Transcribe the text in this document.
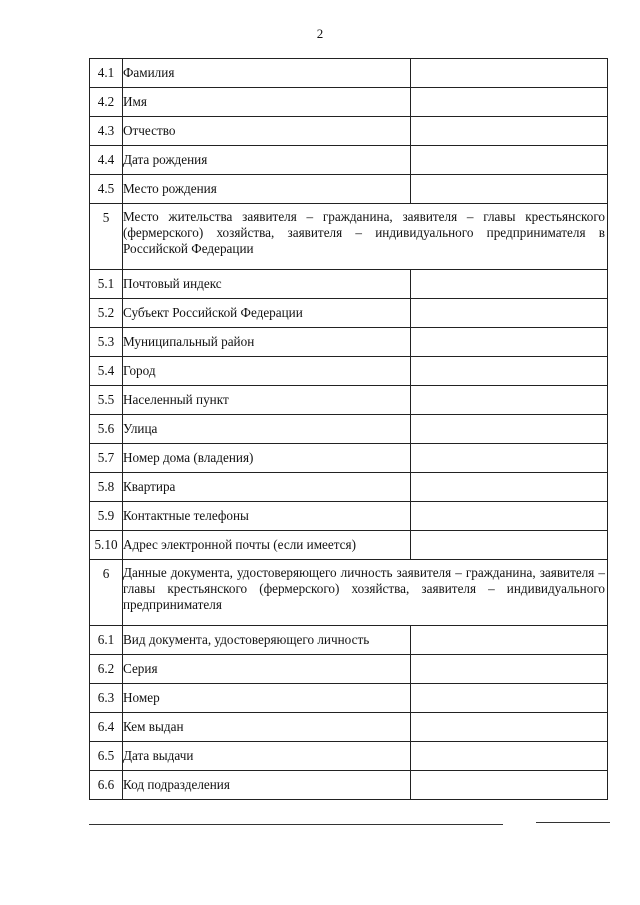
2
4.1	Фамилия	
4.2	Имя	
4.3	Отчество	
4.4	Дата рождения	
4.5	Место рождения	
5	Место жительства заявителя – гражданина, заявителя – главы крестьянского (фермерского) хозяйства, заявителя – индивидуального предпринимателя в Российской Федерации	
5.1	Почтовый индекс	
5.2	Субъект Российской Федерации	
5.3	Муниципальный район	
5.4	Город	
5.5	Населенный пункт	
5.6	Улица	
5.7	Номер дома (владения)	
5.8	Квартира	
5.9	Контактные телефоны	
5.10	Адрес электронной почты (если имеется)	
6	Данные документа, удостоверяющего личность заявителя – гражданина, заявителя – главы крестьянского (фермерского) хозяйства, заявителя – индивидуального предпринимателя	
6.1	Вид документа, удостоверяющего личность	
6.2	Серия	
6.3	Номер	
6.4	Кем выдан	
6.5	Дата выдачи	
6.6	Код подразделения	
